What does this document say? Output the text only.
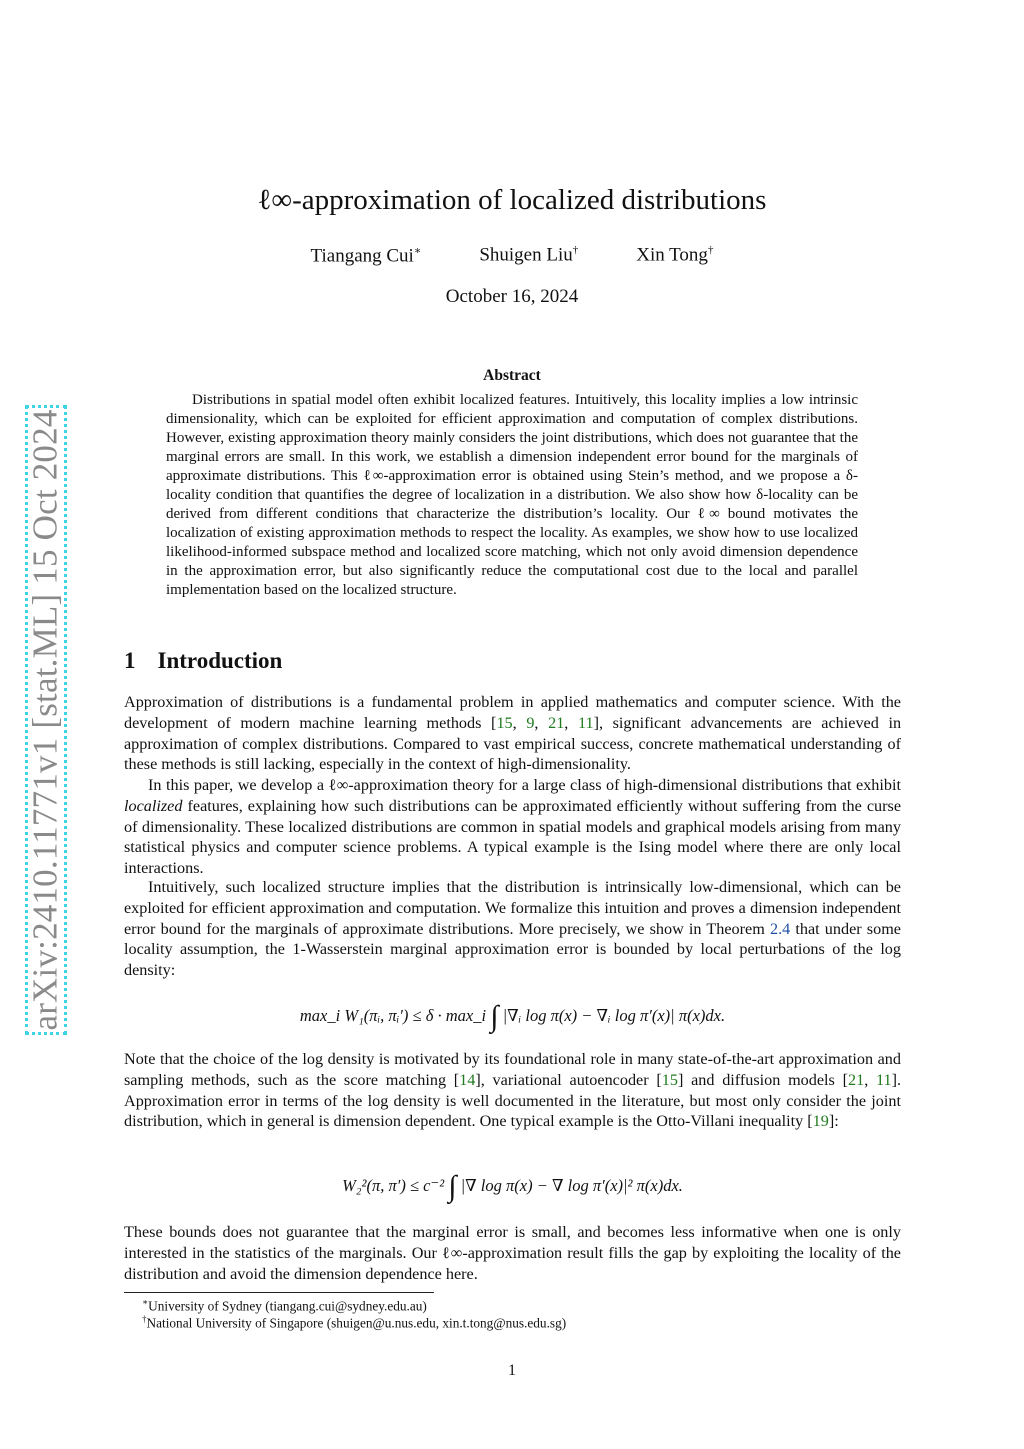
arXiv:2410.11771v1 [stat.ML] 15 Oct 2024
ℓ∞-approximation of localized distributions
Tiangang Cui∗	Shuigen Liu†	Xin Tong†
October 16, 2024
Abstract

Distributions in spatial model often exhibit localized features. Intuitively, this locality implies a low intrinsic dimensionality, which can be exploited for efficient approximation and computation of complex distributions. However, existing approximation theory mainly considers the joint distributions, which does not guarantee that the marginal errors are small. In this work, we establish a dimension independent error bound for the marginals of approximate distributions. This ℓ∞-approximation error is obtained using Stein’s method, and we propose a δ-locality condition that quantifies the degree of localization in a distribution. We also show how δ-locality can be derived from different conditions that characterize the distribution’s locality. Our ℓ∞ bound motivates the localization of existing approximation methods to respect the locality. As examples, we show how to use localized likelihood-informed subspace method and localized score matching, which not only avoid dimension dependence in the approximation error, but also significantly reduce the computational cost due to the local and parallel implementation based on the localized structure.

1 Introduction

Approximation of distributions is a fundamental problem in applied mathematics and computer science. With the development of modern machine learning methods [15, 9, 21, 11], significant advancements are achieved in approximation of complex distributions. Compared to vast empirical success, concrete mathematical understanding of these methods is still lacking, especially in the context of high-dimensionality.

In this paper, we develop a ℓ∞-approximation theory for a large class of high-dimensional distributions that exhibit localized features, explaining how such distributions can be approximated efficiently without suffering from the curse of dimensionality. These localized distributions are common in spatial models and graphical models arising from many statistical physics and computer science problems. A typical example is the Ising model where there are only local interactions.

Intuitively, such localized structure implies that the distribution is intrinsically low-dimensional, which can be exploited for efficient approximation and computation. We formalize this intuition and proves a dimension independent error bound for the marginals of approximate distributions. More precisely, we show in Theorem 2.4 that under some locality assumption, the 1-Wasserstein marginal approximation error is bounded by local perturbations of the log density:

max_i W₁(πᵢ, πᵢ′) ≤ δ · max_i ∫ |∇ᵢ log π(x) − ∇ᵢ log π′(x)| π(x)dx.

Note that the choice of the log density is motivated by its foundational role in many state-of-the-art approximation and sampling methods, such as the score matching [14], variational autoencoder [15] and diffusion models [21, 11]. Approximation error in terms of the log density is well documented in the literature, but most only consider the joint distribution, which in general is dimension dependent. One typical example is the Otto-Villani inequality [19]:

W₂²(π, π′) ≤ c⁻² ∫ |∇ log π(x) − ∇ log π′(x)|² π(x)dx.

These bounds does not guarantee that the marginal error is small, and becomes less informative when one is only interested in the statistics of the marginals. Our ℓ∞-approximation result fills the gap by exploiting the locality of the distribution and avoid the dimension dependence here.

∗University of Sydney (tiangang.cui@sydney.edu.au)
†National University of Singapore (shuigen@u.nus.edu, xin.t.tong@nus.edu.sg)
1
